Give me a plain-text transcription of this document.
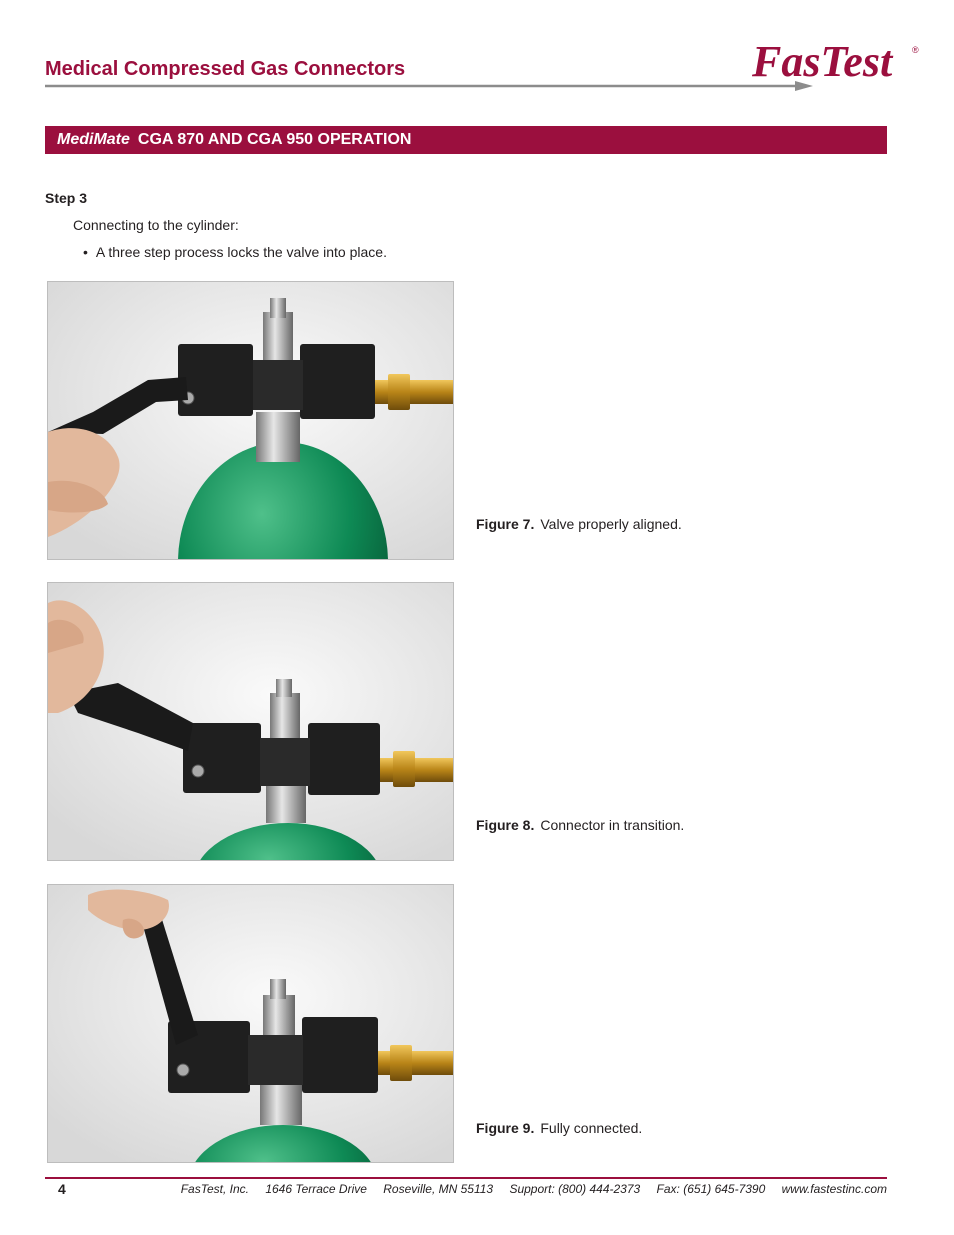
Medical Compressed Gas Connectors	FasTest ®
MediMate CGA 870 AND CGA 950 OPERATION
Step 3
Connecting to the cylinder:
• A three step process locks the valve into place.
Figure 7. Valve properly aligned.
Figure 8. Connector in transition.
Figure 9. Fully connected.
4	FasTest, Inc. 1646 Terrace Drive Roseville, MN 55113 Support: (800) 444-2373 Fax: (651) 645-7390 www.fastestinc.com
